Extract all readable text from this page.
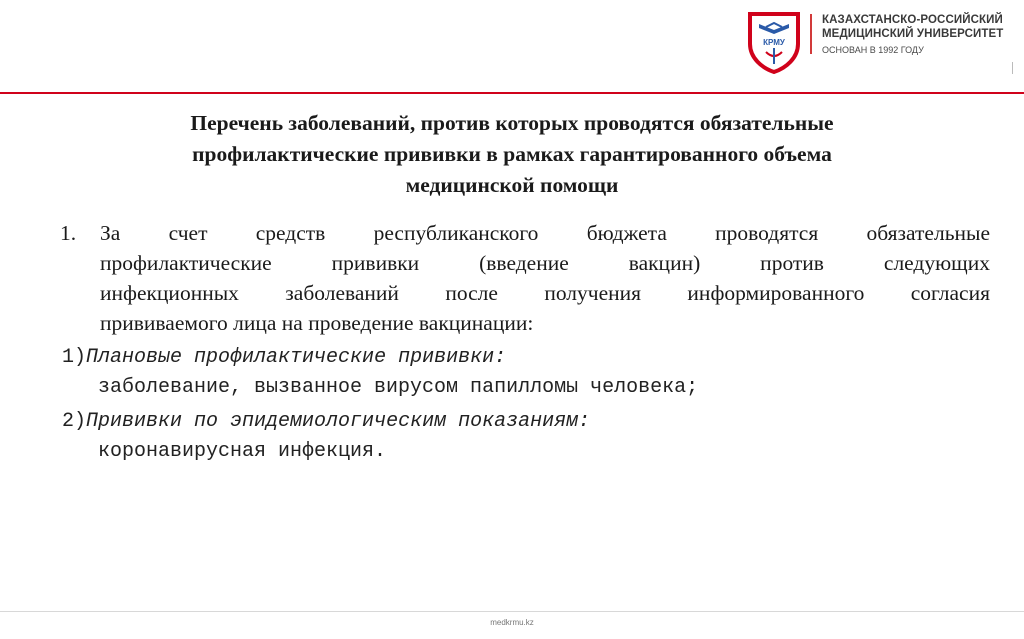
КРМУ
КАЗАХСТАНСКО-РОССИЙСКИЙ
МЕДИЦИНСКИЙ УНИВЕРСИТЕТ
ОСНОВАН В 1992 ГОДУ
Перечень заболеваний, против которых проводятся обязательные
профилактические прививки в рамках гарантированного объема
медицинской помощи
1.	За счет средств республиканского бюджета проводятся обязательные
профилактические прививки (введение вакцин) против следующих
инфекционных заболеваний после получения информированного согласия
прививаемого лица на проведение вакцинации:
1)Плановые профилактические прививки:
заболевание, вызванное вирусом папилломы человека;
2)Прививки по эпидемиологическим показаниям:
коронавирусная инфекция.
medkrmu.kz
